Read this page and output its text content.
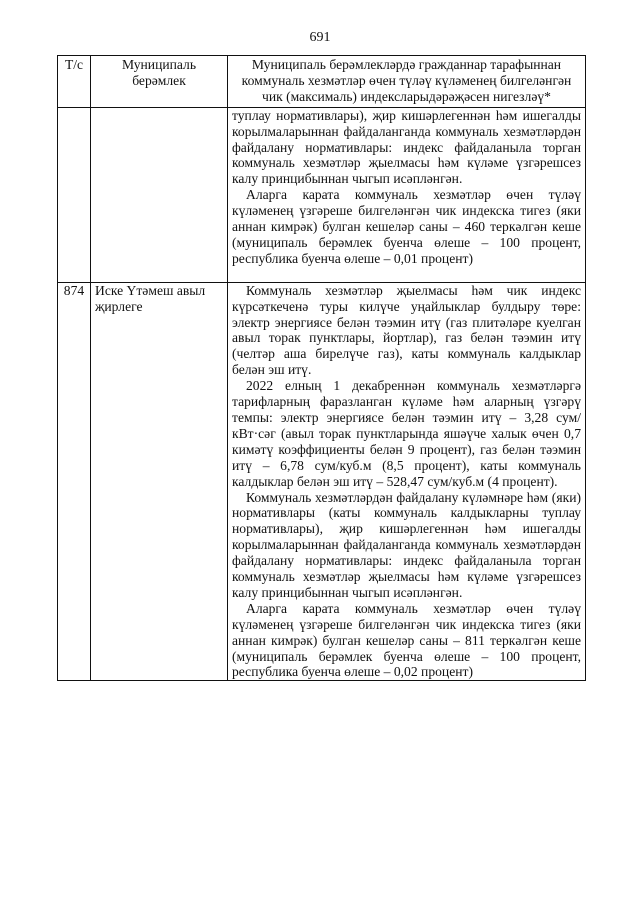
691
Т/с	Муниципаль берәмлек	Муниципаль берәмлекләрдә гражданнар тарафыннан коммуналь хезмәтләр өчен түләү күләменең билгеләнгән чик (максималь) индексларыдәрәҗәсен нигезләү*

		туплау нормативлары), җир кишәрлегеннән һәм ишегалды корылмаларыннан файдаланганда коммуналь хезмәтләрдән файдалану нормативлары: индекс файдаланыла торган коммуналь хезмәтләр җыелмасы һәм күләме үзгәрешсез калу принцибыннан чыгып исәпләнгән.

Аларга карата коммуналь хезмәтләр өчен түләү күләменең үзгәреше билгеләнгән чик индекска тигез (яки аннан кимрәк) булган кешеләр саны – 460 теркәлгән кеше (муниципаль берәмлек буенча өлеше – 100 процент, республика буенча өлеше – 0,01 процент)

874	Иске Үтәмеш авыл җирлеге	Коммуналь хезмәтләр җыелмасы һәм чик индекс күрсәткеченә туры килүче уңайлыклар булдыру төре: электр энергиясе белән тәэмин итү (газ плитәләре куелган авыл торак пунктлары, йортлар), газ белән тәэмин итү (челтәр аша бирелүче газ), каты коммуналь калдыклар белән эш итү.

2022 елның 1 декабреннән коммуналь хезмәтләргә тарифларның фаразланган күләме һәм аларның үзгәрү темпы: электр энергиясе белән тәэмин итү – 3,28 сум/кВт·сәг (авыл торак пунктларында яшәүче халык өчен 0,7 кимәтү коэффициенты белән 9 процент), газ белән тәэмин итү – 6,78 сум/куб.м (8,5 процент), каты коммуналь калдыклар белән эш итү – 528,47 сум/куб.м (4 процент).

Коммуналь хезмәтләрдән файдалану күләмнәре һәм (яки) нормативлары (каты коммуналь калдыкларны туплау нормативлары), җир кишәрлегеннән һәм ишегалды корылмаларыннан файдаланганда коммуналь хезмәтләрдән файдалану нормативлары: индекс файдаланыла торган коммуналь хезмәтләр җыелмасы һәм күләме үзгәрешсез калу принцибыннан чыгып исәпләнгән.

Аларга карата коммуналь хезмәтләр өчен түләү күләменең үзгәреше билгеләнгән чик индекска тигез (яки аннан кимрәк) булган кешеләр саны – 811 теркәлгән кеше (муниципаль берәмлек буенча өлеше – 100 процент, республика буенча өлеше – 0,02 процент)
